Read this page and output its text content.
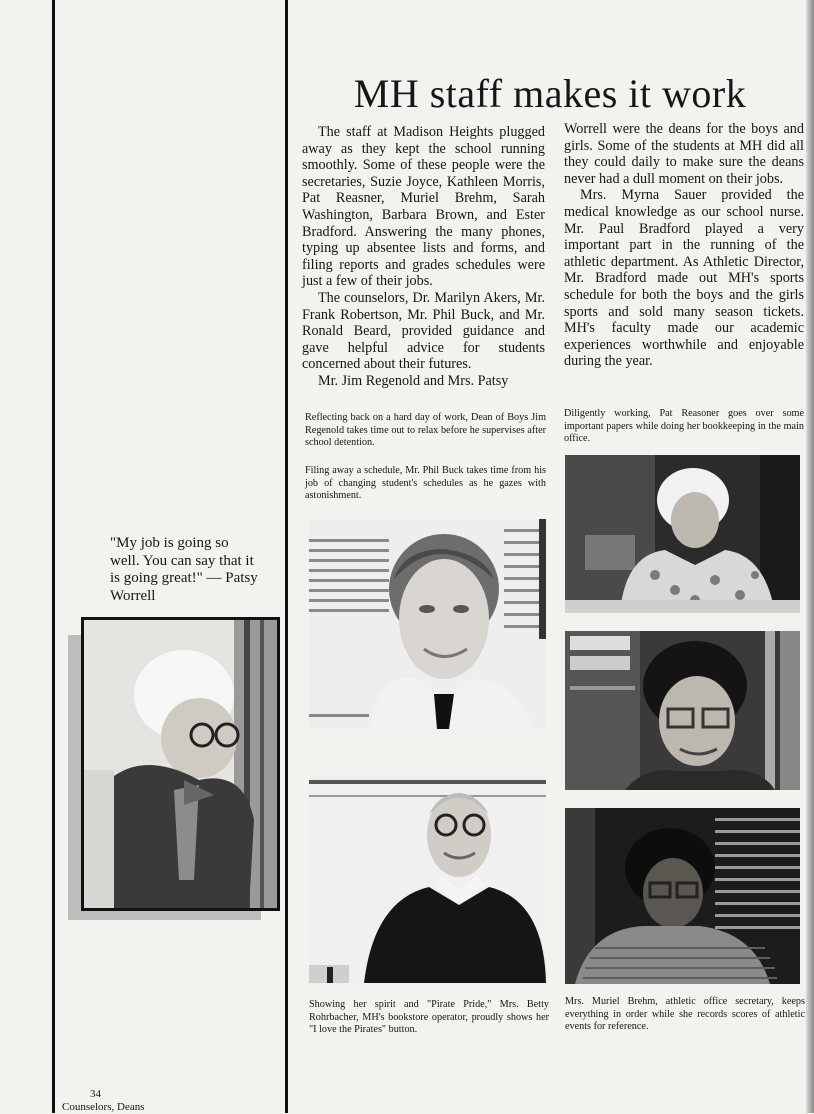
MH staff makes it work

The staff at Madison Heights plugged away as they kept the school running smoothly. Some of these people were the secretaries, Suzie Joyce, Kathleen Morris, Pat Reasner, Muriel Brehm, Sarah Washington, Barbara Brown, and Ester Bradford. Answering the many phones, typing up absentee lists and forms, and filing reports and grades schedules were just a few of their jobs.

The counselors, Dr. Marilyn Akers, Mr. Frank Robertson, Mr. Phil Buck, and Mr. Ronald Beard, provided guidance and gave helpful advice for students concerned about their futures.

Mr. Jim Regenold and Mrs. Patsy

Worrell were the deans for the boys and girls. Some of the students at MH did all they could daily to make sure the deans never had a dull moment on their jobs.

Mrs. Myrna Sauer provided the medical knowledge as our school nurse. Mr. Paul Bradford played a very important part in the running of the athletic department. As Athletic Director, Mr. Bradford made out MH's sports schedule for both the boys and the girls sports and sold many season tickets. MH's faculty made our academic experiences worthwhile and enjoyable during the year.

Reflecting back on a hard day of work, Dean of Boys Jim Regenold takes time out to relax before he supervises after school detention.
Filing away a schedule, Mr. Phil Buck takes time from his job of changing student's schedules as he gazes with astonishment.
Diligently working, Pat Reasoner goes over some important papers while doing her bookkeeping in the main office.
Showing her spirit and "Pirate Pride," Mrs. Betty Rohrbacher, MH's bookstore operator, proudly shows her "I love the Pirates" button.
Mrs. Muriel Brehm, athletic office secretary, keeps everything in order while she records scores of athletic events for reference.
"My job is going so well. You can say that it is going great!" — Patsy Worrell
34
Counselors, Deans
